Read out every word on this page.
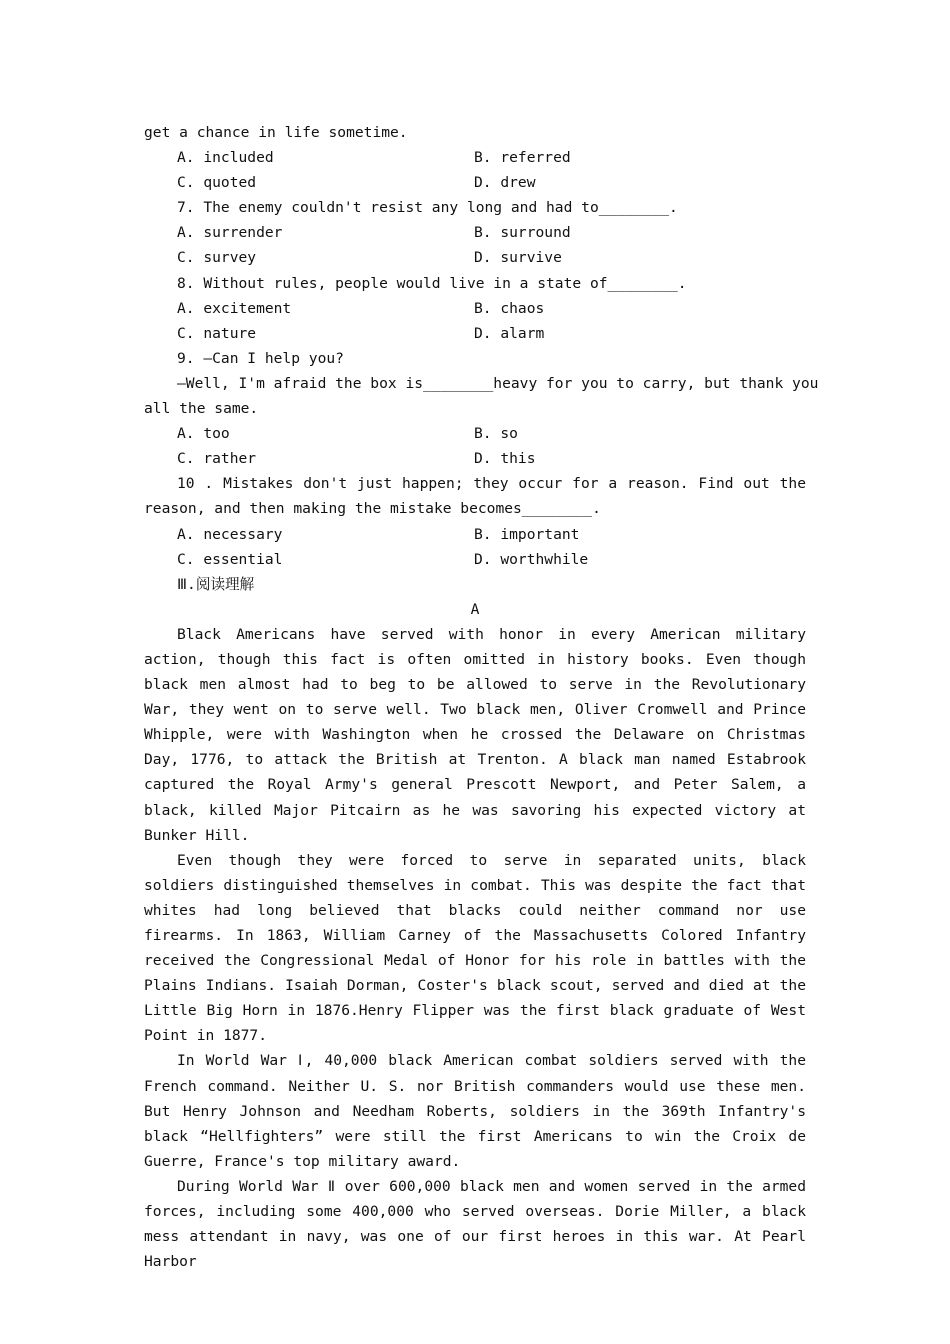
get a chance in life sometime.
A. included	B. referred
C. quoted	D. drew
7. The enemy couldn't resist any long and had to________.
A. surrender	B. surround
C. survey	D. survive
8. Without rules, people would live in a state of________.
A. excitement	B. chaos
C. nature	D. alarm
9. —Can I help you?
—Well, I'm afraid the box is________heavy for you to carry, but thank you
all the same.
A. too	B. so
C. rather	D. this
10 . Mistakes don't just happen; they occur for a reason. Find out the
reason, and then making the mistake becomes________.
A. necessary	B. important
C. essential	D. worthwhile
Ⅲ.阅读理解
A

Black Americans have served with honor in every American military action, though this fact is often omitted in history books. Even though black men almost had to beg to be allowed to serve in the Revolutionary War, they went on to serve well. Two black men, Oliver Cromwell and Prince Whipple, were with Washington when he crossed the Delaware on Christmas Day, 1776, to attack the British at Trenton. A black man named Estabrook captured the Royal Army's general Prescott Newport, and Peter Salem, a black, killed Major Pitcairn as he was savoring his expected victory at Bunker Hill.

Even though they were forced to serve in separated units, black soldiers distinguished themselves in combat. This was despite the fact that whites had long believed that blacks could neither command nor use firearms. In 1863, William Carney of the Massachusetts Colored Infantry received the Congressional Medal of Honor for his role in battles with the Plains Indians. Isaiah Dorman, Coster's black scout, served and died at the Little Big Horn in 1876.Henry Flipper was the first black graduate of West Point in 1877.

In World War Ⅰ, 40,000 black American combat soldiers served with the French command. Neither U. S. nor British commanders would use these men. But Henry Johnson and Needham Roberts, soldiers in the 369th Infantry's black “Hellfighters” were still the first Americans to win the Croix de Guerre, France's top military award.

During World War Ⅱ over 600,000 black men and women served in the armed forces, including some 400,000 who served overseas. Dorie Miller, a black mess attendant in navy, was one of our first heroes in this war. At Pearl Harbor
